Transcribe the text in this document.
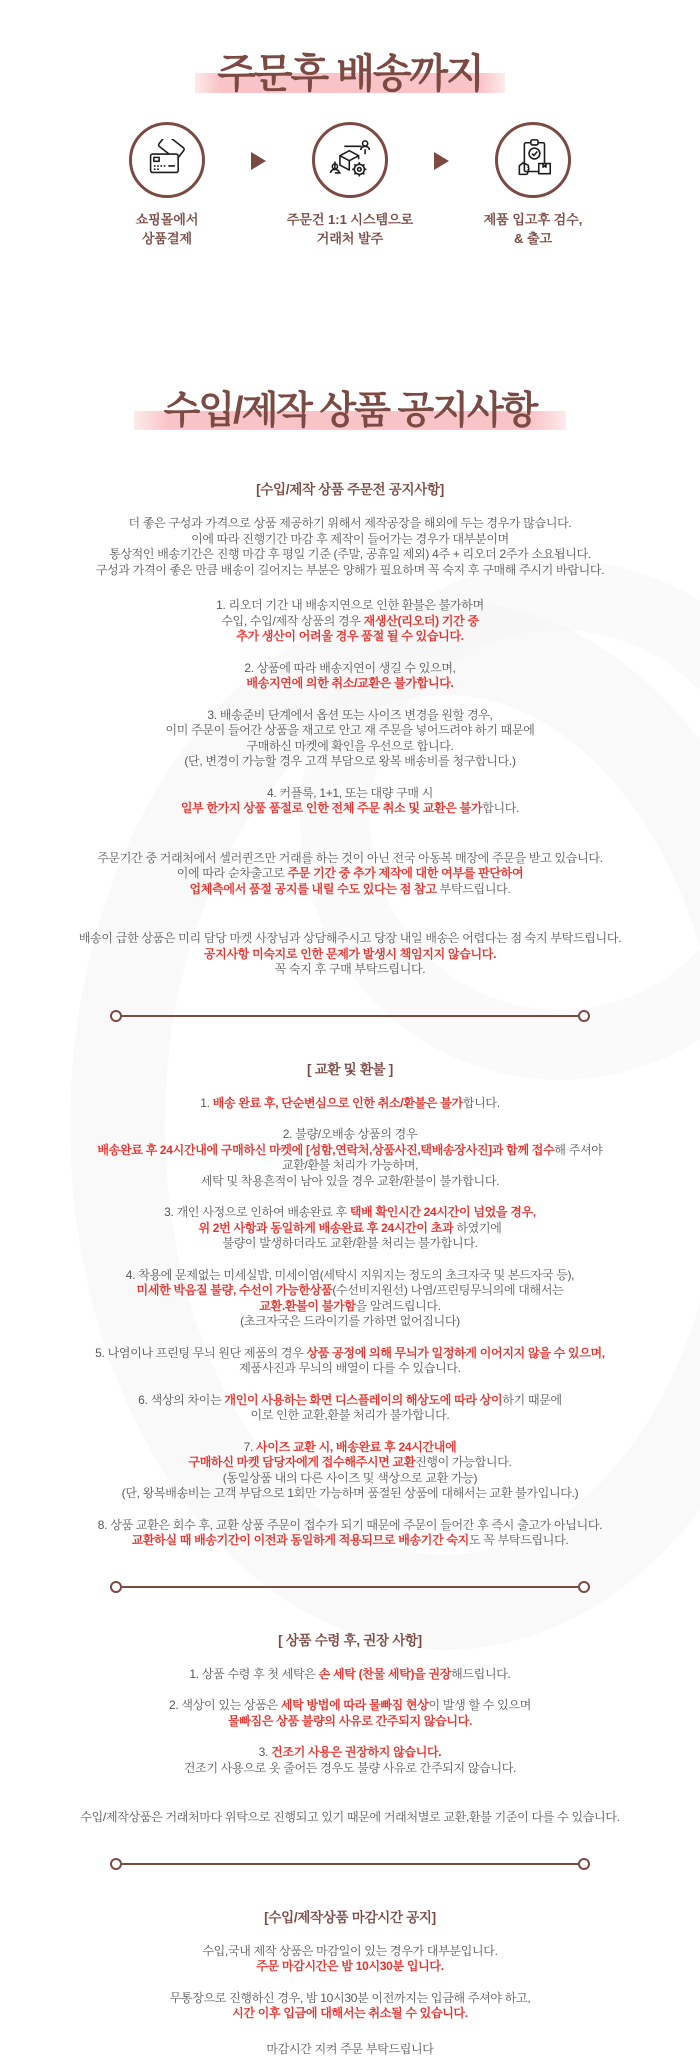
주문후 배송까지
쇼핑몰에서
상품결제
주문건 1:1 시스템으로
거래처 발주
제품 입고후 검수,
& 출고
수입/제작 상품 공지사항
[수입/제작 상품 주문전 공지사항]

더 좋은 구성과 가격으로 상품 제공하기 위해서 제작공장을 해외에 두는 경우가 많습니다.
이에 따라 진행기간 마감 후 제작이 들어가는 경우가 대부분이며
통상적인 배송기간은 진행 마감 후 평일 기준 (주말, 공휴일 제외) 4주 + 리오더 2주가 소요됩니다.
구성과 가격이 좋은 만큼 배송이 길어지는 부분은 양해가 필요하며 꼭 숙지 후 구매해 주시기 바랍니다.

1. 리오더 기간 내 배송지연으로 인한 환불은 불가하며
수입, 수입/제작 상품의 경우 재생산(리오더) 기간 중
추가 생산이 어려울 경우 품절 될 수 있습니다.

2. 상품에 따라 배송지연이 생길 수 있으며,
배송지연에 의한 취소/교환은 불가합니다.

3. 배송준비 단계에서 옵션 또는 사이즈 변경을 원할 경우,
이미 주문이 들어간 상품을 재고로 안고 재 주문을 넣어드려야 하기 때문에
구매하신 마켓에 확인을 우선으로 합니다.
(단, 변경이 가능할 경우 고객 부담으로 왕복 배송비를 청구합니다.)

4. 커플룩, 1+1, 또는 대량 구매 시
일부 한가지 상품 품절로 인한 전체 주문 취소 및 교환은 불가합니다.

주문기간 중 거래처에서 셀러퀸즈만 거래를 하는 것이 아닌 전국 아동복 매장에 주문을 받고 있습니다.
이에 따라 순차출고로 주문 기간 중 추가 제작에 대한 여부를 판단하여
업체측에서 품절 공지를 내릴 수도 있다는 점 참고 부탁드립니다.

배송이 급한 상품은 미리 담당 마켓 사장님과 상담해주시고 당장 내일 배송은 어렵다는 점 숙지 부탁드립니다.
공지사항 미숙지로 인한 문제가 발생시 책임지지 않습니다.
꼭 숙지 후 구매 부탁드립니다.

[ 교환 및 환불 ]

1. 배송 완료 후, 단순변심으로 인한 취소/환불은 불가합니다.

2. 불량/오배송 상품의 경우
배송완료 후 24시간내에 구매하신 마켓에 [성함,연락처,상품사진,택배송장사진]과 함께 접수해 주셔야
교환/환불 처리가 가능하며,
세탁 및 착용흔적이 남아 있을 경우 교환/환불이 불가합니다.

3. 개인 사정으로 인하여 배송완료 후 택배 확인시간 24시간이 넘었을 경우,
위 2번 사항과 동일하게 배송완료 후 24시간이 초과 하였기에
불량이 발생하더라도 교환/환불 처리는 불가합니다.

4. 착용에 문제없는 미세실밥, 미세이염(세탁시 지워지는 정도의 초크자국 및 본드자국 등),
미세한 박음질 불량, 수선이 가능한상품(수선비지원선) 나염/프린팅무늬의에 대해서는
교환.환불이 불가함을 알려드립니다.
(초크자국은 드라이기를 가하면 없어집니다)

5. 나염이나 프린팅 무늬 원단 제품의 경우 상품 공정에 의해 무늬가 일정하게 이어지지 않을 수 있으며,
제품사진과 무늬의 배열이 다를 수 있습니다.

6. 색상의 차이는 개인이 사용하는 화면 디스플레이의 해상도에 따라 상이하기 때문에
이로 인한 교환,환불 처리가 불가합니다.

7. 사이즈 교환 시, 배송완료 후 24시간내에
구매하신 마켓 담당자에게 접수해주시면 교환진행이 가능합니다.
(동일상품 내의 다른 사이즈 및 색상으로 교환 가능)
(단, 왕복배송비는 고객 부담으로 1회만 가능하며 품절된 상품에 대해서는 교환 불가입니다.)

8. 상품 교환은 회수 후, 교환 상품 주문이 접수가 되기 때문에 주문이 들어간 후 즉시 출고가 아닙니다.
교환하실 때 배송기간이 이전과 동일하게 적용되므로 배송기간 숙지도 꼭 부탁드립니다.

[ 상품 수령 후, 권장 사항]

1. 상품 수령 후 첫 세탁은 손 세탁 (찬물 세탁)을 권장해드립니다.

2. 색상이 있는 상품은 세탁 방법에 따라 물빠짐 현상이 발생 할 수 있으며
물빠짐은 상품 불량의 사유로 간주되지 않습니다.

3. 건조기 사용은 권장하지 않습니다.
건조기 사용으로 옷 줄어든 경우도 불량 사유로 간주되지 않습니다.

수입/제작상품은 거래처마다 위탁으로 진행되고 있기 때문에 거래처별로 교환,환불 기준이 다를 수 있습니다.

[수입/제작상품 마감시간 공지]

수입,국내 제작 상품은 마감일이 있는 경우가 대부분입니다.
주문 마감시간은 밤 10시30분 입니다.

무통장으로 진행하신 경우, 밤 10시30분 이전까지는 입금해 주셔야 하고,
시간 이후 입금에 대해서는 취소될 수 있습니다.

마감시간 지켜 주문 부탁드립니다
